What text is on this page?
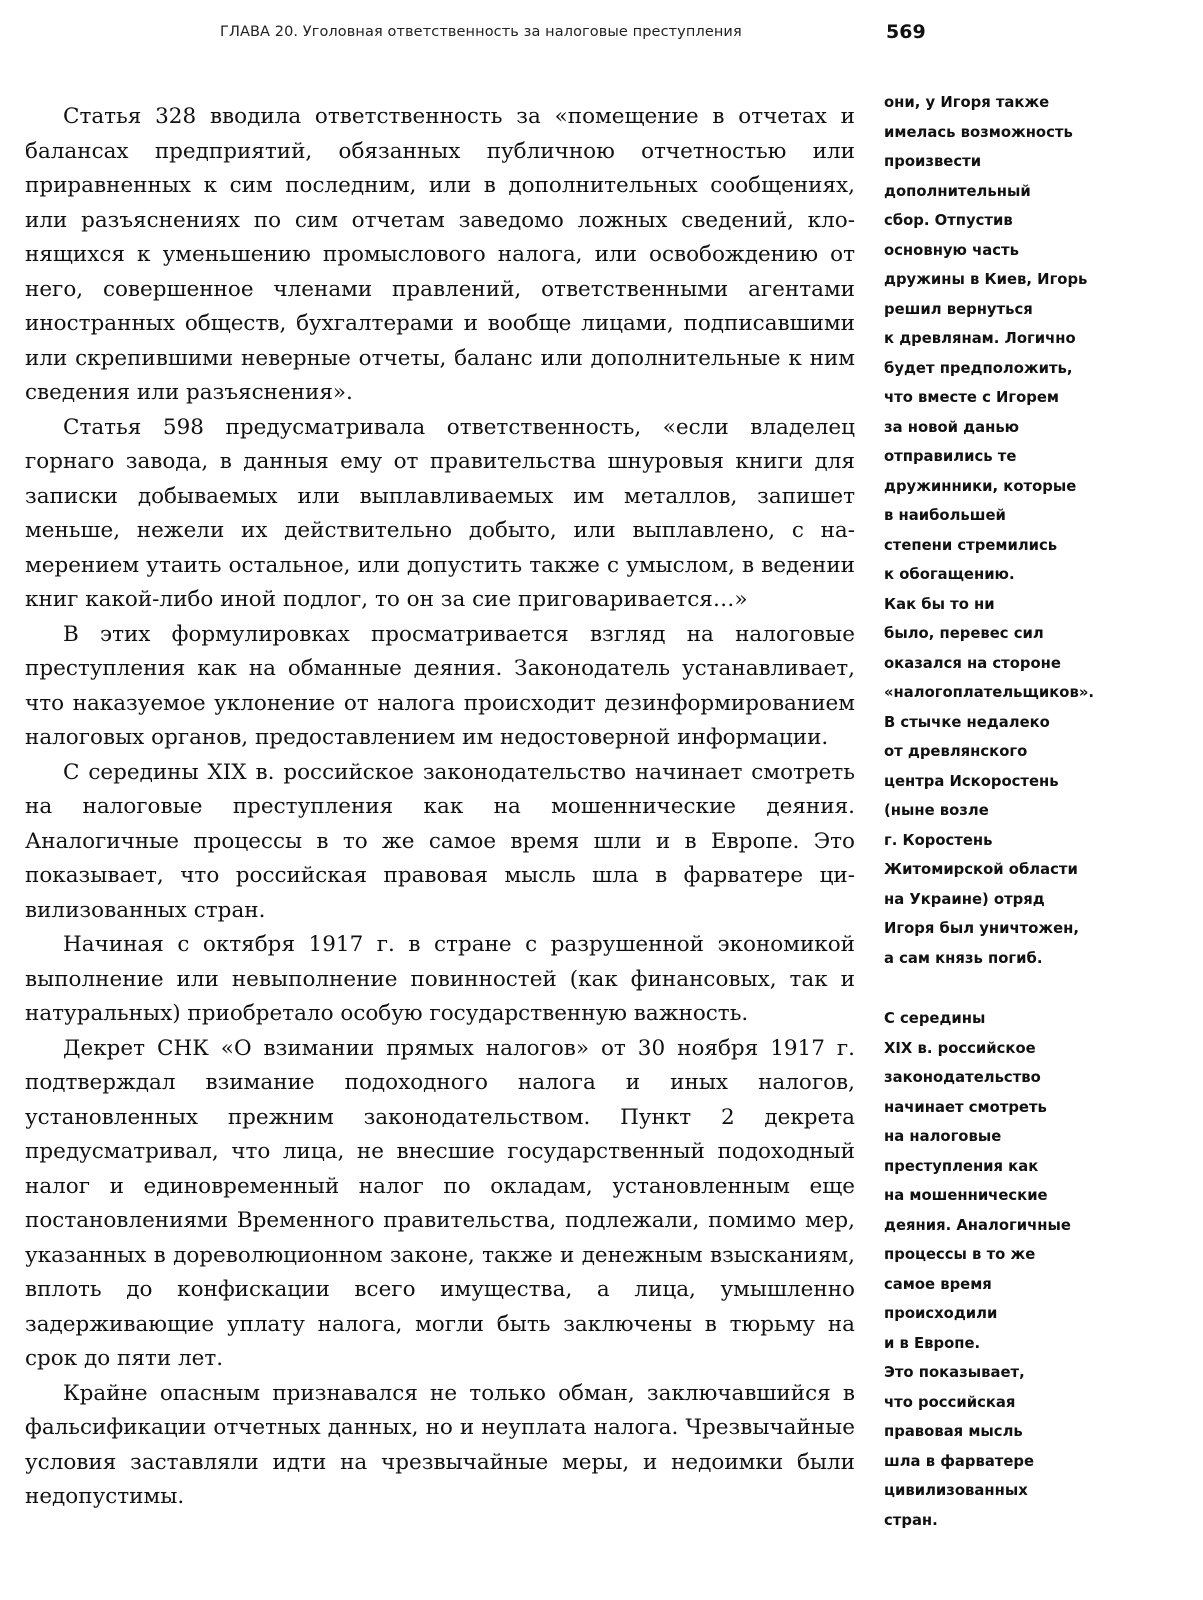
ГЛАВА 20. Уголовная ответственность за налоговые преступления	569

Статья 328 вводила ответственность за «помещение в отчетах и балансах предприятий, обязанных публичною отчетностью или приравненных к сим последним, или в дополнительных сообщениях, или разъяснениях по сим отчетам заведомо ложных сведений, клонящихся к уменьшению промыслового налога, или освобождению от него, совершенное членами правлений, ответственными агентами иностранных обществ, бухгалтерами и вообще лицами, подписавшими или скрепившими неверные отчеты, баланс или дополнительные к ним сведения или разъяснения».

Статья 598 предусматривала ответственность, «если владелец горнаго завода, в данныя ему от правительства шнуровыя книги для записки добываемых или выплавливаемых им металлов, запишет меньше, нежели их действительно добыто, или выплавлено, с намерением утаить остальное, или допустить также с умыслом, в ведении книг какой-либо иной подлог, то он за сие приговаривается…»

В этих формулировках просматривается взгляд на налоговые преступления как на обманные деяния. Законодатель устанавливает, что наказуемое уклонение от налога происходит дезинформированием налоговых органов, предоставлением им недостоверной информации.

С середины XIX в. российское законодательство начинает смотреть на налоговые преступления как на мошеннические деяния. Аналогичные процессы в то же самое время шли и в Европе. Это показывает, что российская правовая мысль шла в фарватере цивилизованных стран.

Начиная с октября 1917 г. в стране с разрушенной экономикой выполнение или невыполнение повинностей (как финансовых, так и натуральных) приобретало особую государственную важность.

Декрет СНК «О взимании прямых налогов» от 30 ноября 1917 г. подтверждал взимание подоходного налога и иных налогов, установленных прежним законодательством. Пункт 2 декрета предусматривал, что лица, не внесшие государственный подоходный налог и единовременный налог по окладам, установленным еще постановлениями Временного правительства, подлежали, помимо мер, указанных в дореволюционном законе, также и денежным взысканиям, вплоть до конфискации всего имущества, а лица, умышленно задерживающие уплату налога, могли быть заключены в тюрьму на срок до пяти лет.

Крайне опасным признавался не только обман, заключавшийся в фальсификации отчетных данных, но и неуплата налога. Чрезвычайные условия заставляли идти на чрезвычайные меры, и недоимки были недопустимы.

они, у Игоря также
имелась возможность
произвести
дополнительный
сбор. Отпустив
основную часть
дружины в Киев, Игорь
решил вернуться
к древлянам. Логично
будет предположить,
что вместе с Игорем
за новой данью
отправились те
дружинники, которые
в наибольшей
степени стремились
к обогащению.
Как бы то ни
было, перевес сил
оказался на стороне
«налогоплательщиков».
В стычке недалеко
от древлянского
центра Искоростень
(ныне возле
г. Коростень
Житомирской области
на Украине) отряд
Игоря был уничтожен,
а сам князь погиб.

С середины
XIX в. российское
законодательство
начинает смотреть
на налоговые
преступления как
на мошеннические
деяния. Аналогичные
процессы в то же
самое время
происходили
и в Европе.
Это показывает,
что российская
правовая мысль
шла в фарватере
цивилизованных
стран.
